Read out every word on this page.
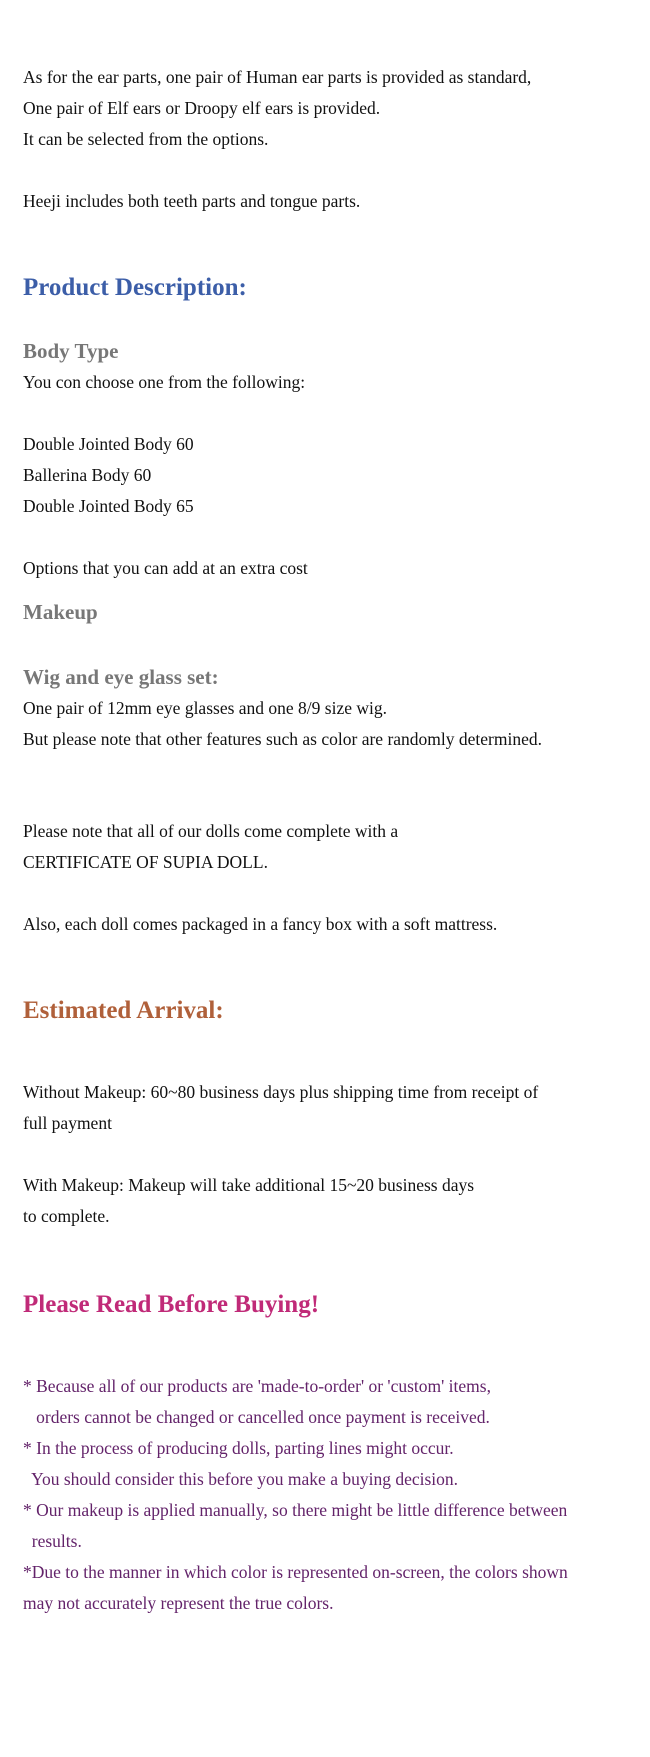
As for the ear parts, one pair of Human ear parts is provided as standard,

One pair of Elf ears or Droopy elf ears is provided.

It can be selected from the options.

Heeji includes both teeth parts and tongue parts.

Product Description:
Body Type

You con choose one from the following:

Double Jointed Body 60

Ballerina Body 60

Double Jointed Body 65

Options that you can add at an extra cost

Makeup
Wig and eye glass set:

One pair of 12mm eye glasses and one 8/9 size wig.

But please note that other features such as color are randomly determined.

Please note that all of our dolls come complete with a

CERTIFICATE OF SUPIA DOLL.

Also, each doll comes packaged in a fancy box with a soft mattress.

Estimated Arrival:

Without Makeup: 60~80 business days plus shipping time from receipt of

full payment

With Makeup: Makeup will take additional 15~20 business days

to complete.

Please Read Before Buying!

* Because all of our products are 'made-to-order' or 'custom' items,

orders cannot be changed or cancelled once payment is received.

* In the process of producing dolls, parting lines might occur.

You should consider this before you make a buying decision.

* Our makeup is applied manually, so there might be little difference between

results.

*Due to the manner in which color is represented on-screen, the colors shown

may not accurately represent the true colors.
